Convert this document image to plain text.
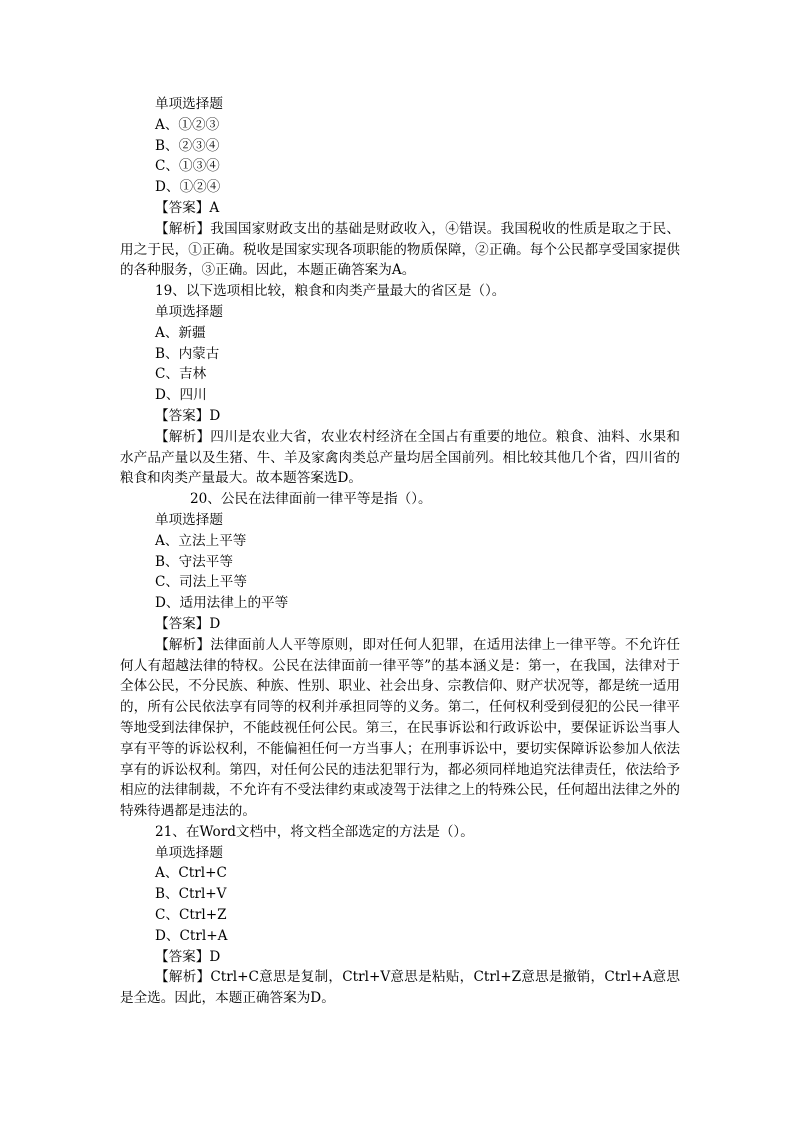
单项选择题
A、①②③
B、②③④
C、①③④
D、①②④
【答案】A
【解析】我国国家财政支出的基础是财政收入，④错误。我国税收的性质是取之于民、用之于民，①正确。税收是国家实现各项职能的物质保障，②正确。每个公民都享受国家提供的各种服务，③正确。因此，本题正确答案为A。
19、以下选项相比较，粮食和肉类产量最大的省区是（）。
单项选择题
A、新疆
B、内蒙古
C、吉林
D、四川
【答案】D
【解析】四川是农业大省，农业农村经济在全国占有重要的地位。粮食、油料、水果和水产品产量以及生猪、牛、羊及家禽肉类总产量均居全国前列。相比较其他几个省，四川省的粮食和肉类产量最大。故本题答案选D。
20、公民在法律面前一律平等是指（）。
单项选择题
A、立法上平等
B、守法平等
C、司法上平等
D、适用法律上的平等
【答案】D
【解析】法律面前人人平等原则，即对任何人犯罪，在适用法律上一律平等。不允许任何人有超越法律的特权。公民在法律面前一律平等”的基本涵义是：第一，在我国，法律对于全体公民，不分民族、种族、性别、职业、社会出身、宗教信仰、财产状况等，都是统一适用的，所有公民依法享有同等的权利并承担同等的义务。第二，任何权利受到侵犯的公民一律平等地受到法律保护，不能歧视任何公民。第三，在民事诉讼和行政诉讼中，要保证诉讼当事人享有平等的诉讼权利，不能偏袒任何一方当事人；在刑事诉讼中，要切实保障诉讼参加人依法享有的诉讼权利。第四，对任何公民的违法犯罪行为，都必须同样地追究法律责任，依法给予相应的法律制裁，不允许有不受法律约束或凌驾于法律之上的特殊公民，任何超出法律之外的特殊待遇都是违法的。
21、在Word文档中，将文档全部选定的方法是（）。
单项选择题
A、Ctrl+C
B、Ctrl+V
C、Ctrl+Z
D、Ctrl+A
【答案】D
【解析】Ctrl+C意思是复制，Ctrl+V意思是粘贴，Ctrl+Z意思是撤销，Ctrl+A意思是全选。因此，本题正确答案为D。
